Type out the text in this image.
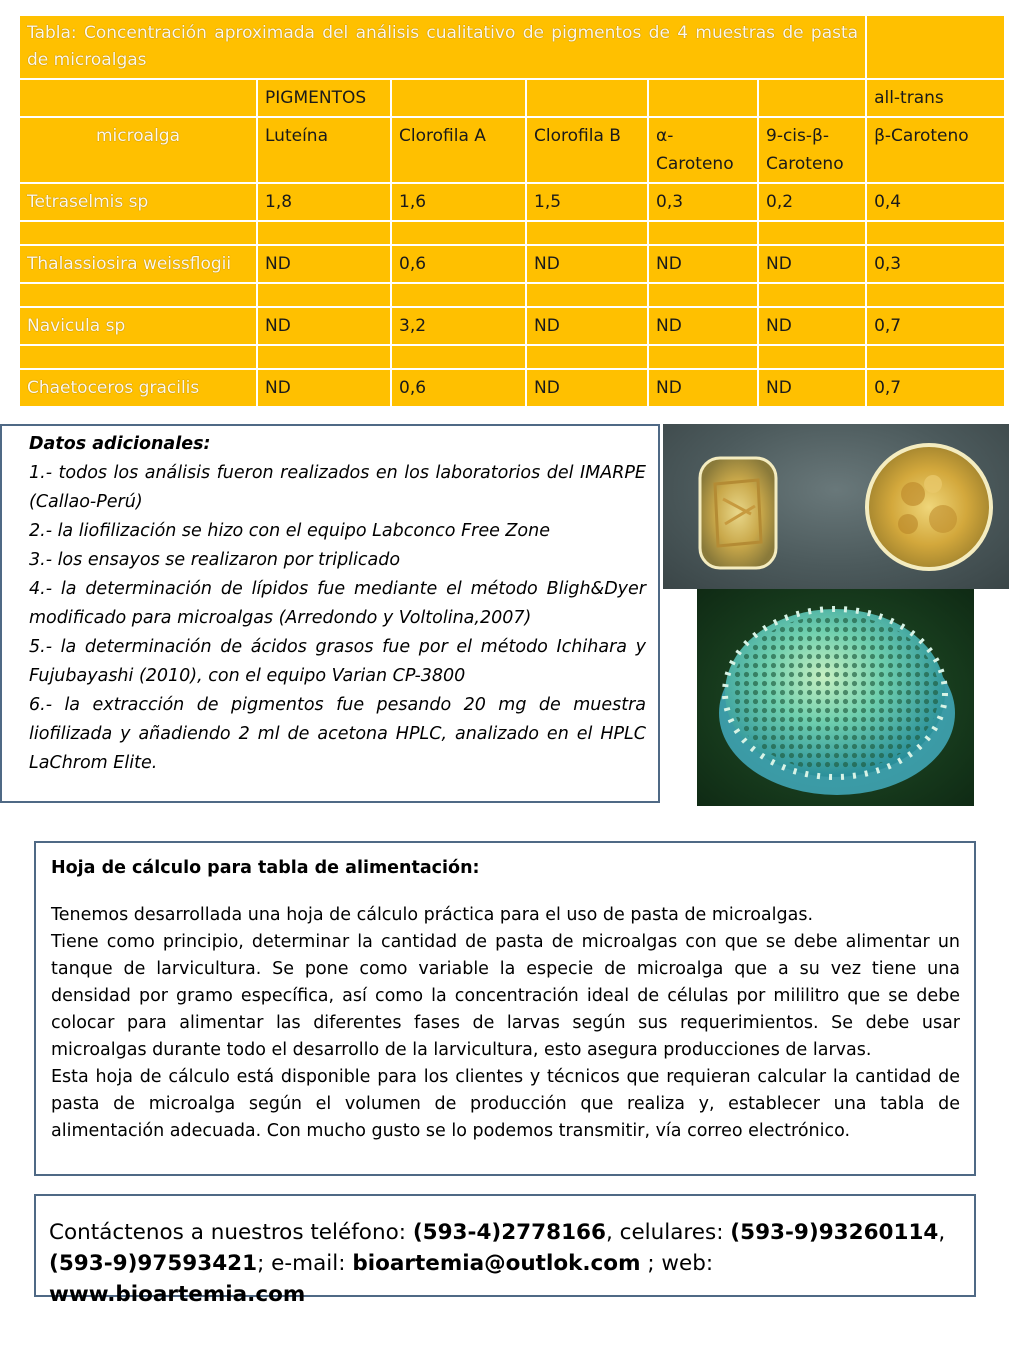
Tabla: Concentración aproximada del análisis cualitativo de pigmentos de 4 muestras de pasta de microalgas						
	PIGMENTOS					all-trans
microalga	Luteína	Clorofila A	Clorofila B	α-Caroteno	9-cis-β-Caroteno	β-Caroteno
Tetraselmis sp	1,8	1,6	1,5	0,3	0,2	0,4

Thalassiosira weissflogii	ND	0,6	ND	ND	ND	0,3

Navicula sp	ND	3,2	ND	ND	ND	0,7

Chaetoceros gracilis	ND	0,6	ND	ND	ND	0,7

Datos adicionales:

1.- todos los análisis fueron realizados en los laboratorios del IMARPE (Callao-Perú)

2.- la liofilización se hizo con el equipo Labconco Free Zone

3.- los ensayos se realizaron por triplicado

4.- la determinación de lípidos fue mediante el método Bligh&Dyer modificado para microalgas (Arredondo y Voltolina,2007)

5.- la determinación de ácidos grasos fue por el método Ichihara y Fujubayashi (2010), con el equipo Varian CP-3800

6.- la extracción de pigmentos fue pesando 20 mg de muestra liofilizada y añadiendo 2 ml de acetona HPLC, analizado en el HPLC LaChrom Elite.

Hoja de cálculo para tabla de alimentación:

Tenemos desarrollada una hoja de cálculo práctica para el uso de pasta de microalgas.

Tiene como principio, determinar la cantidad de pasta de microalgas con que se debe alimentar un tanque de larvicultura. Se pone como variable la especie de microalga que a su vez tiene una densidad por gramo específica, así como la concentración ideal de células por mililitro que se debe colocar para alimentar las diferentes fases de larvas según sus requerimientos. Se debe usar microalgas durante todo el desarrollo de la larvicultura, esto asegura producciones de larvas.

Esta hoja de cálculo está disponible para los clientes y técnicos que requieran calcular la cantidad de pasta de microalga según el volumen de producción que realiza y, establecer una tabla de alimentación adecuada. Con mucho gusto se lo podemos transmitir, vía correo electrónico.

Contáctenos a nuestros teléfono: (593-4)2778166, celulares: (593-9)93260114, (593-9)97593421; e-mail: bioartemia@outlok.com ; web: www.bioartemia.com
